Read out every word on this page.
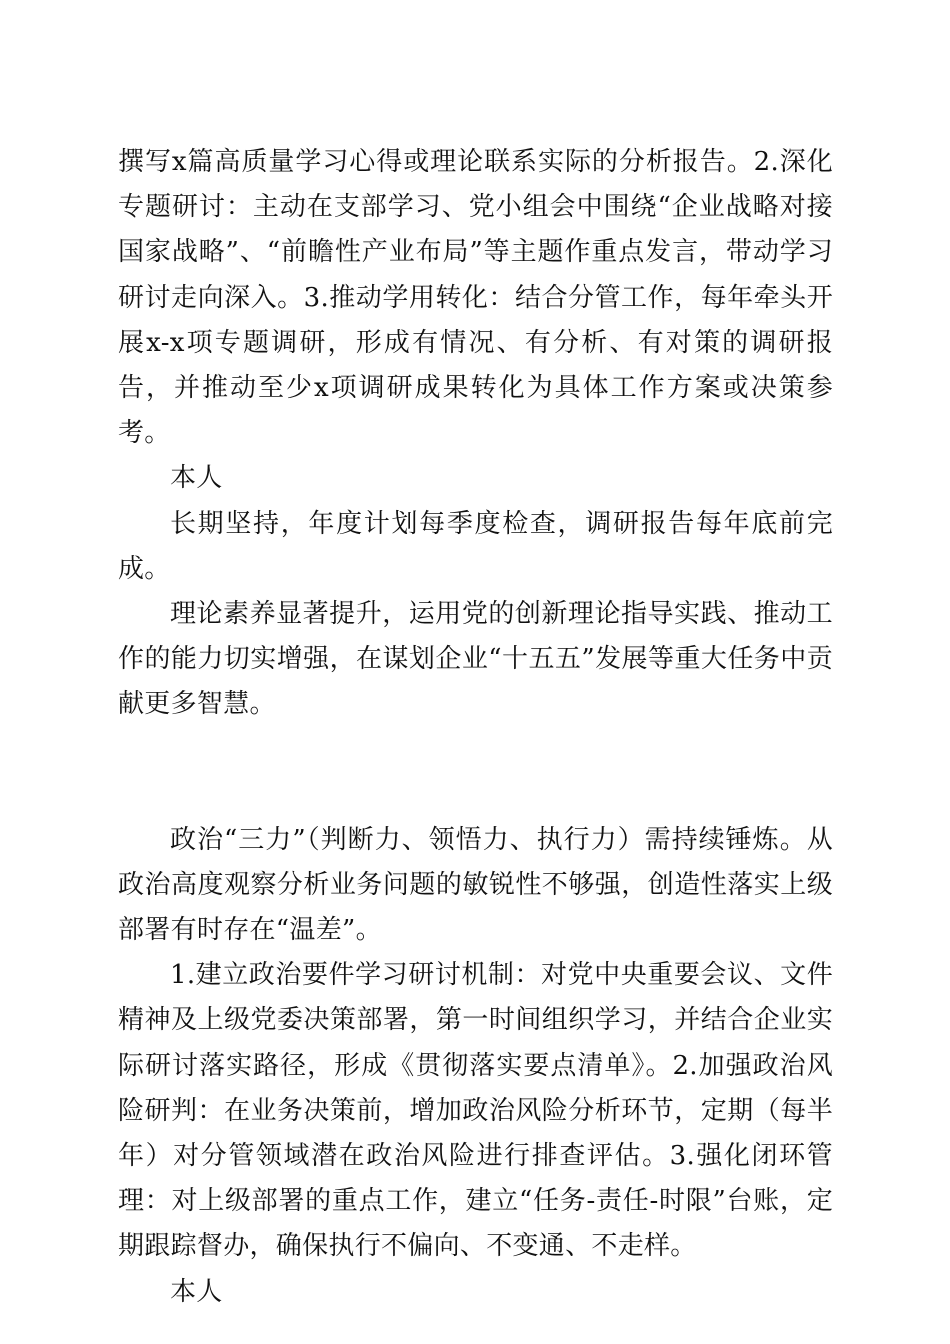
撰写x篇高质量学习心得或理论联系实际的分析报告。2.深化专题研讨：主动在支部学习、党小组会中围绕“企业战略对接国家战略”、“前瞻性产业布局”等主题作重点发言，带动学习研讨走向深入。3.推动学用转化：结合分管工作，每年牵头开展x-x项专题调研，形成有情况、有分析、有对策的调研报告，并推动至少x项调研成果转化为具体工作方案或决策参考。

本人

长期坚持，年度计划每季度检查，调研报告每年底前完成。

理论素养显著提升，运用党的创新理论指导实践、推动工作的能力切实增强，在谋划企业“十五五”发展等重大任务中贡献更多智慧。

政治“三力”（判断力、领悟力、执行力）需持续锤炼。从政治高度观察分析业务问题的敏锐性不够强，创造性落实上级部署有时存在“温差”。

1.建立政治要件学习研讨机制：对党中央重要会议、文件精神及上级党委决策部署，第一时间组织学习，并结合企业实际研讨落实路径，形成《贯彻落实要点清单》。2.加强政治风险研判：在业务决策前，增加政治风险分析环节，定期（每半年）对分管领域潜在政治风险进行排查评估。3.强化闭环管理：对上级部署的重点工作，建立“任务-责任-时限”台账，定期跟踪督办，确保执行不偏向、不变通、不走样。

本人
